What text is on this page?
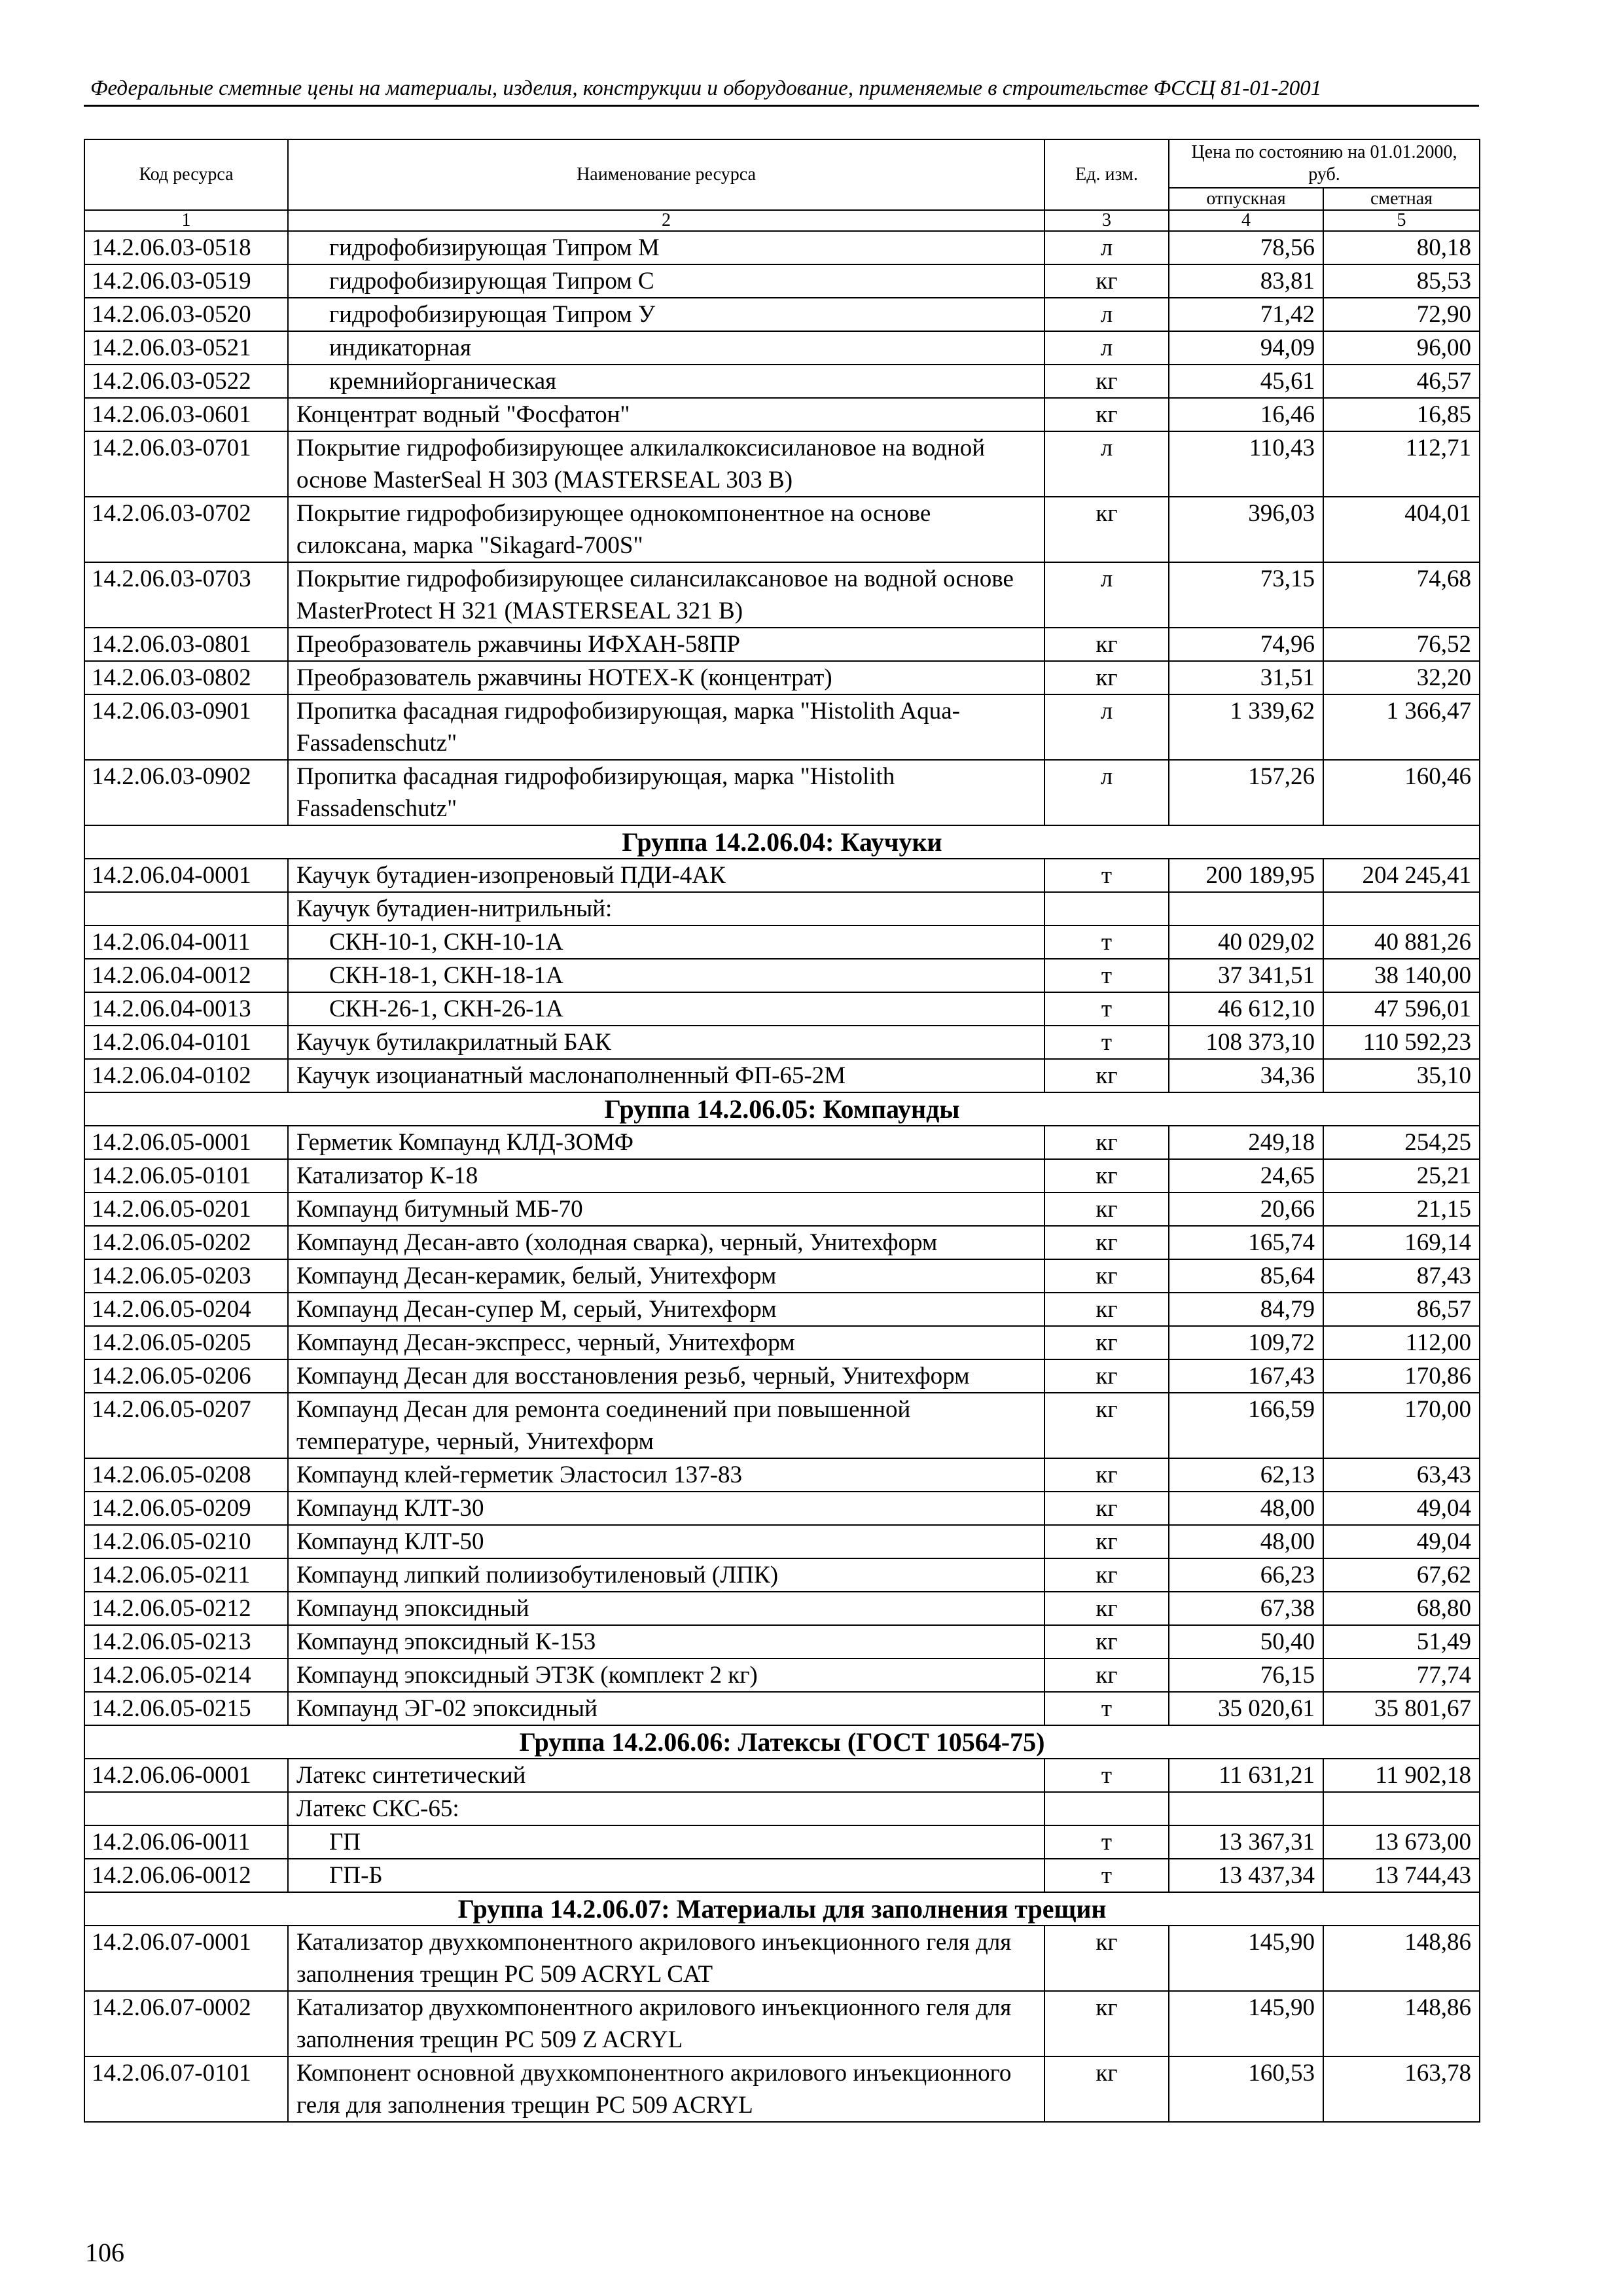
Федеральные сметные цены на материалы, изделия, конструкции и оборудование, применяемые в строительстве ФССЦ 81-01-2001
Код ресурса	Наименование ресурса	Ед. изм.	Цена по состоянию на 01.01.2000, руб.	
			отпускная	сметная
1	2	3	4	5
14.2.06.03-0518	гидрофобизирующая Типром М	л	78,56	80,18
14.2.06.03-0519	гидрофобизирующая Типром С	кг	83,81	85,53
14.2.06.03-0520	гидрофобизирующая Типром У	л	71,42	72,90
14.2.06.03-0521	индикаторная	л	94,09	96,00
14.2.06.03-0522	кремнийорганическая	кг	45,61	46,57
14.2.06.03-0601	Концентрат водный "Фосфатон"	кг	16,46	16,85
14.2.06.03-0701	Покрытие гидрофобизирующее алкилалкоксисилановое на водной основе MasterSeal H 303 (MASTERSEAL 303 B)	л	110,43	112,71
14.2.06.03-0702	Покрытие гидрофобизирующее однокомпонентное на основе силоксана, марка "Sikagard-700S"	кг	396,03	404,01
14.2.06.03-0703	Покрытие гидрофобизирующее силансилаксановое на водной основе MasterProtect H 321 (MASTERSEAL 321 B)	л	73,15	74,68
14.2.06.03-0801	Преобразователь ржавчины ИФХАН-58ПР	кг	74,96	76,52
14.2.06.03-0802	Преобразователь ржавчины НОТЕХ-К (концентрат)	кг	31,51	32,20
14.2.06.03-0901	Пропитка фасадная гидрофобизирующая, марка "Histolith Aqua- Fassadenschutz"	л	1 339,62	1 366,47
14.2.06.03-0902	Пропитка фасадная гидрофобизирующая, марка "Histolith Fassadenschutz"	л	157,26	160,46
Группа 14.2.06.04: Каучуки				
14.2.06.04-0001	Каучук бутадиен-изопреновый ПДИ-4АК	т	200 189,95	204 245,41
	Каучук бутадиен-нитрильный:			
14.2.06.04-0011	СКН-10-1, СКН-10-1А	т	40 029,02	40 881,26
14.2.06.04-0012	СКН-18-1, СКН-18-1А	т	37 341,51	38 140,00
14.2.06.04-0013	СКН-26-1, СКН-26-1А	т	46 612,10	47 596,01
14.2.06.04-0101	Каучук бутилакрилатный БАК	т	108 373,10	110 592,23
14.2.06.04-0102	Каучук изоцианатный маслонаполненный ФП-65-2М	кг	34,36	35,10
Группа 14.2.06.05: Компаунды				
14.2.06.05-0001	Герметик Компаунд КЛД-ЗОМФ	кг	249,18	254,25
14.2.06.05-0101	Катализатор К-18	кг	24,65	25,21
14.2.06.05-0201	Компаунд битумный МБ-70	кг	20,66	21,15
14.2.06.05-0202	Компаунд Десан-авто (холодная сварка), черный, Унитехформ	кг	165,74	169,14
14.2.06.05-0203	Компаунд Десан-керамик, белый, Унитехформ	кг	85,64	87,43
14.2.06.05-0204	Компаунд Десан-супер М, серый, Унитехформ	кг	84,79	86,57
14.2.06.05-0205	Компаунд Десан-экспресс, черный, Унитехформ	кг	109,72	112,00
14.2.06.05-0206	Компаунд Десан для восстановления резьб, черный, Унитехформ	кг	167,43	170,86
14.2.06.05-0207	Компаунд Десан для ремонта соединений при повышенной температуре, черный, Унитехформ	кг	166,59	170,00
14.2.06.05-0208	Компаунд клей-герметик Эластосил 137-83	кг	62,13	63,43
14.2.06.05-0209	Компаунд КЛТ-30	кг	48,00	49,04
14.2.06.05-0210	Компаунд КЛТ-50	кг	48,00	49,04
14.2.06.05-0211	Компаунд липкий полиизобутиленовый (ЛПК)	кг	66,23	67,62
14.2.06.05-0212	Компаунд эпоксидный	кг	67,38	68,80
14.2.06.05-0213	Компаунд эпоксидный К-153	кг	50,40	51,49
14.2.06.05-0214	Компаунд эпоксидный ЭТЗК (комплект 2 кг)	кг	76,15	77,74
14.2.06.05-0215	Компаунд ЭГ-02 эпоксидный	т	35 020,61	35 801,67
Группа 14.2.06.06: Латексы (ГОСТ 10564-75)				
14.2.06.06-0001	Латекс синтетический	т	11 631,21	11 902,18
	Латекс СКС-65:			
14.2.06.06-0011	ГП	т	13 367,31	13 673,00
14.2.06.06-0012	ГП-Б	т	13 437,34	13 744,43
Группа 14.2.06.07: Материалы для заполнения трещин				
14.2.06.07-0001	Катализатор двухкомпонентного акрилового инъекционного геля для заполнения трещин PC 509 ACRYL CAT	кг	145,90	148,86
14.2.06.07-0002	Катализатор двухкомпонентного акрилового инъекционного геля для заполнения трещин PC 509 Z ACRYL	кг	145,90	148,86
14.2.06.07-0101	Компонент основной двухкомпонентного акрилового инъекционного геля для заполнения трещин PC 509 ACRYL	кг	160,53	163,78
106
